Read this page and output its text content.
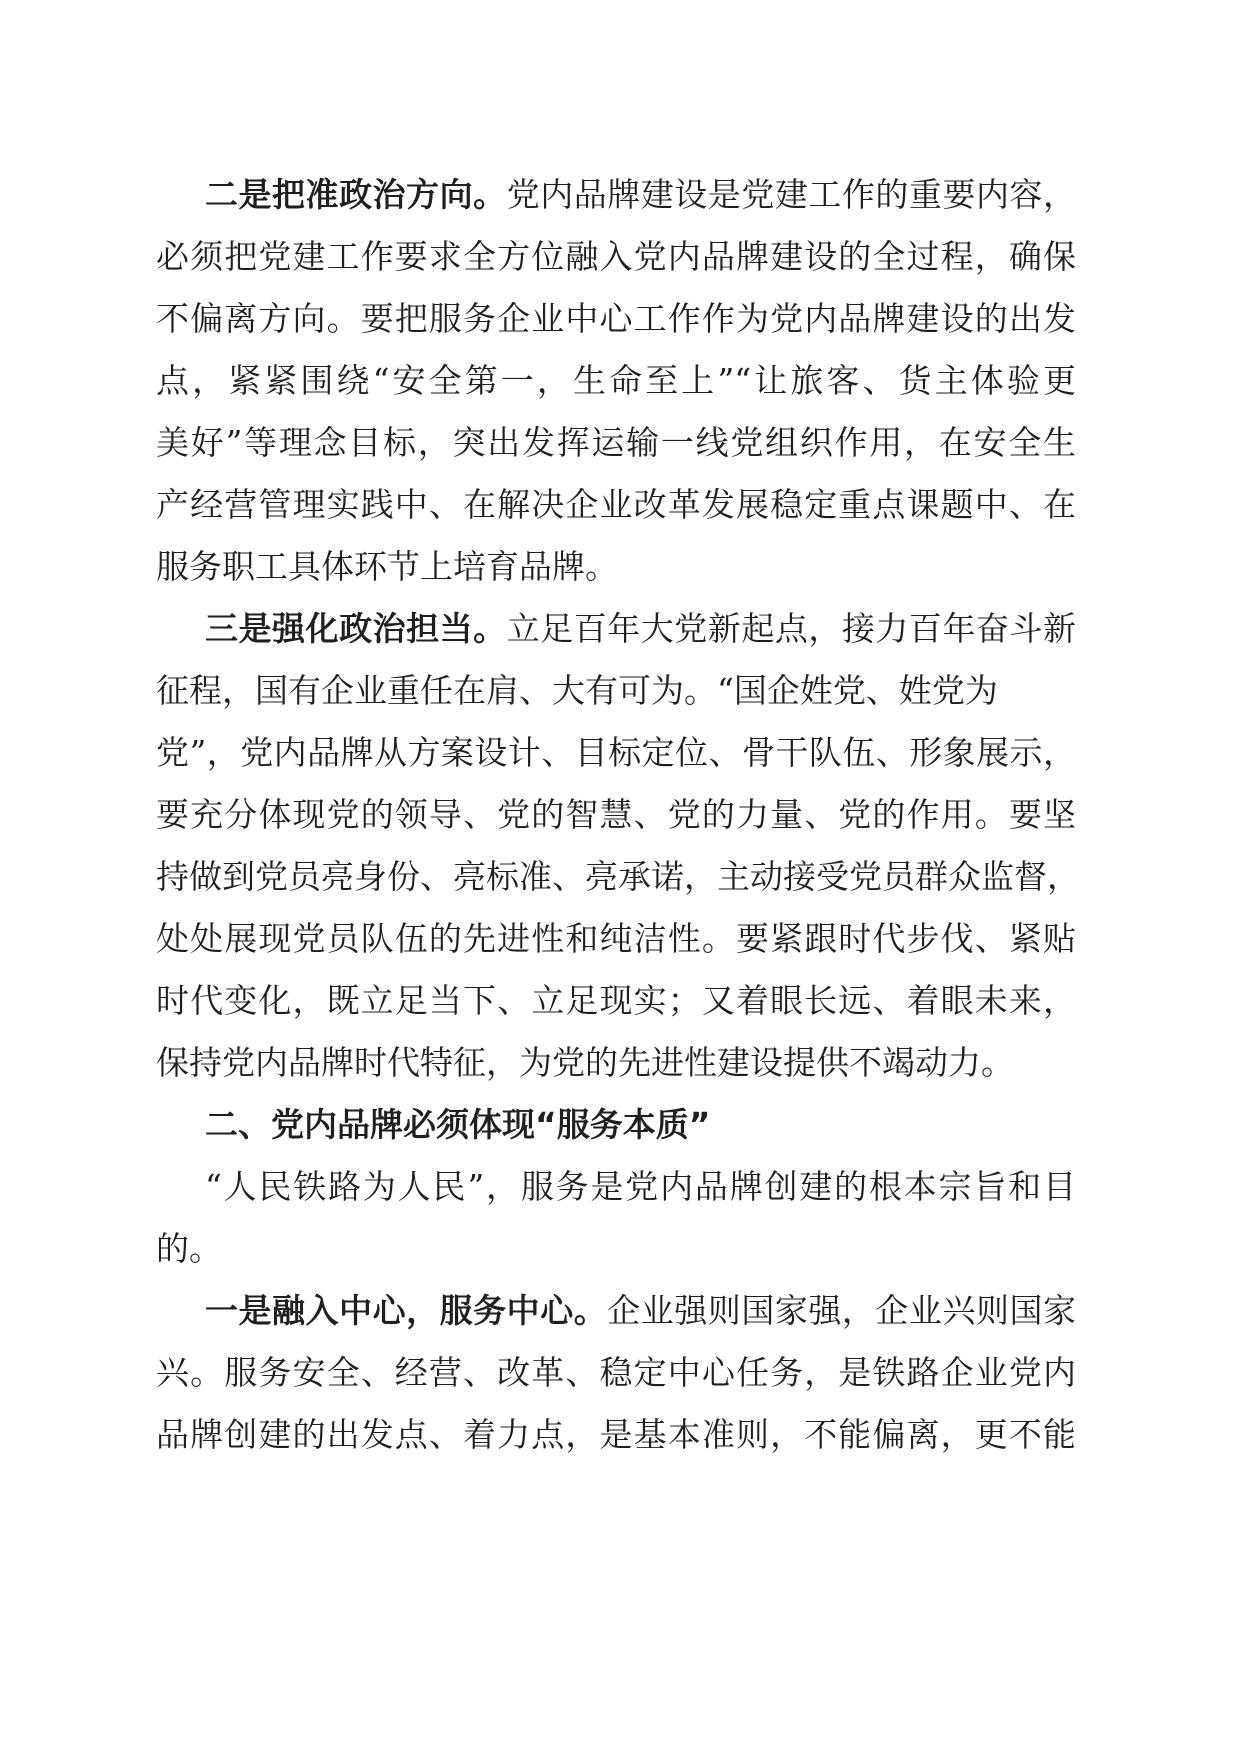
二是把准政治方向。党内品牌建设是党建工作的重要内容，
必须把党建工作要求全方位融入党内品牌建设的全过程，确保
不偏离方向。要把服务企业中心工作作为党内品牌建设的出发
点，紧紧围绕“安全第一，生命至上”“让旅客、货主体验更
美好”等理念目标，突出发挥运输一线党组织作用，在安全生
产经营管理实践中、在解决企业改革发展稳定重点课题中、在
服务职工具体环节上培育品牌。
三是强化政治担当。立足百年大党新起点，接力百年奋斗新
征程，国有企业重任在肩、大有可为。“国企姓党、姓党为
党”，党内品牌从方案设计、目标定位、骨干队伍、形象展示，
要充分体现党的领导、党的智慧、党的力量、党的作用。要坚
持做到党员亮身份、亮标准、亮承诺，主动接受党员群众监督，
处处展现党员队伍的先进性和纯洁性。要紧跟时代步伐、紧贴
时代变化，既立足当下、立足现实；又着眼长远、着眼未来，
保持党内品牌时代特征，为党的先进性建设提供不竭动力。
二、党内品牌必须体现“服务本质”
“人民铁路为人民”，服务是党内品牌创建的根本宗旨和目
的。
一是融入中心，服务中心。企业强则国家强，企业兴则国家
兴。服务安全、经营、改革、稳定中心任务，是铁路企业党内
品牌创建的出发点、着力点，是基本准则，不能偏离，更不能
